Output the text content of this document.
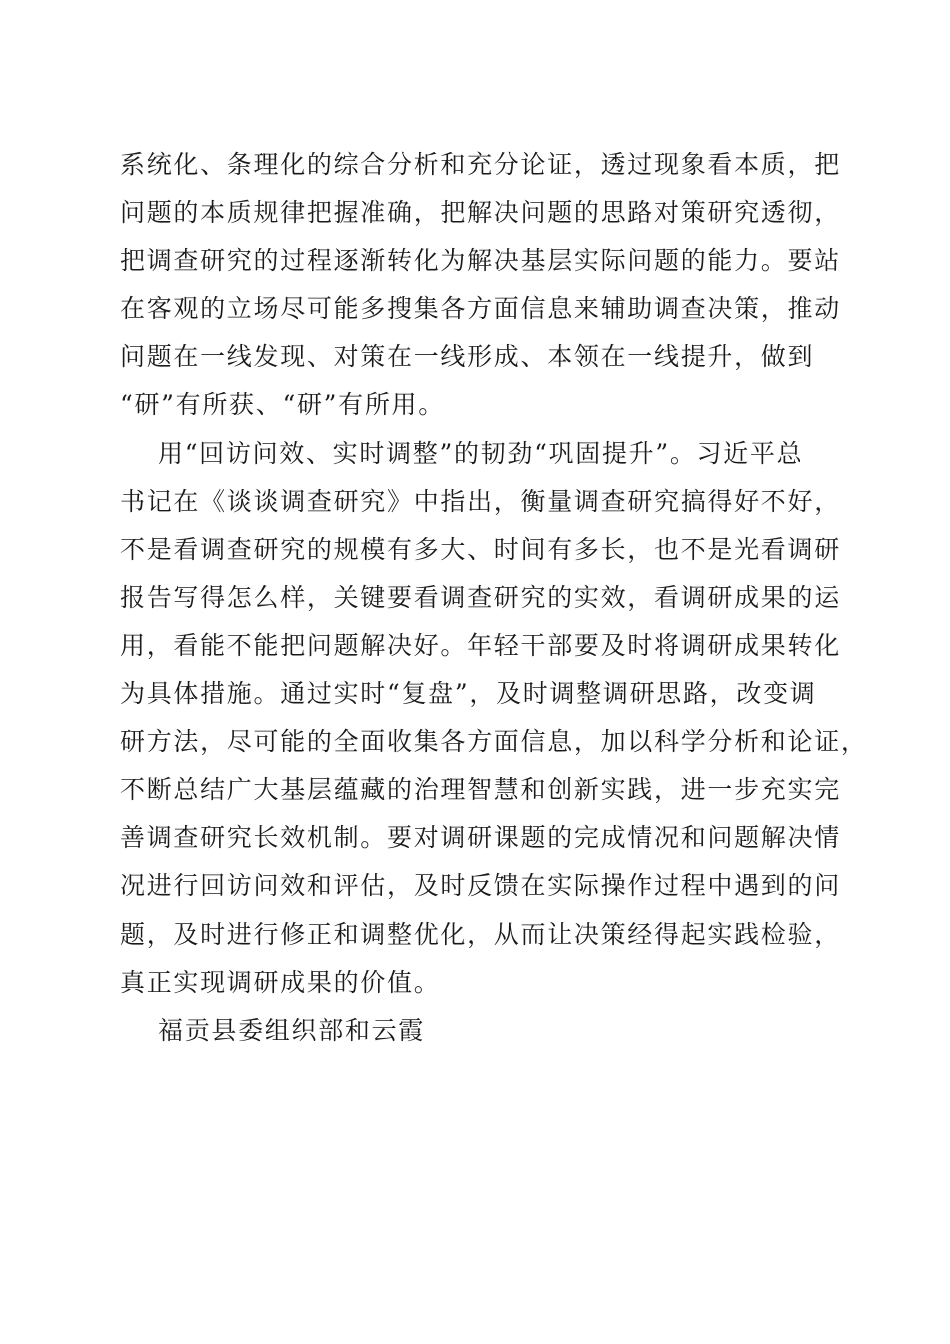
系统化、条理化的综合分析和充分论证，透过现象看本质，把
问题的本质规律把握准确，把解决问题的思路对策研究透彻，
把调查研究的过程逐渐转化为解决基层实际问题的能力。要站
在客观的立场尽可能多搜集各方面信息来辅助调查决策，推动
问题在一线发现、对策在一线形成、本领在一线提升，做到
“研”有所获、“研”有所用。
用“回访问效、实时调整”的韧劲“巩固提升”。习近平总
书记在《谈谈调查研究》中指出，衡量调查研究搞得好不好，
不是看调查研究的规模有多大、时间有多长，也不是光看调研
报告写得怎么样，关键要看调查研究的实效，看调研成果的运
用，看能不能把问题解决好。年轻干部要及时将调研成果转化
为具体措施。通过实时“复盘”，及时调整调研思路，改变调
研方法，尽可能的全面收集各方面信息，加以科学分析和论证，
不断总结广大基层蕴藏的治理智慧和创新实践，进一步充实完
善调查研究长效机制。要对调研课题的完成情况和问题解决情
况进行回访问效和评估，及时反馈在实际操作过程中遇到的问
题，及时进行修正和调整优化，从而让决策经得起实践检验，
真正实现调研成果的价值。
福贡县委组织部和云霞
